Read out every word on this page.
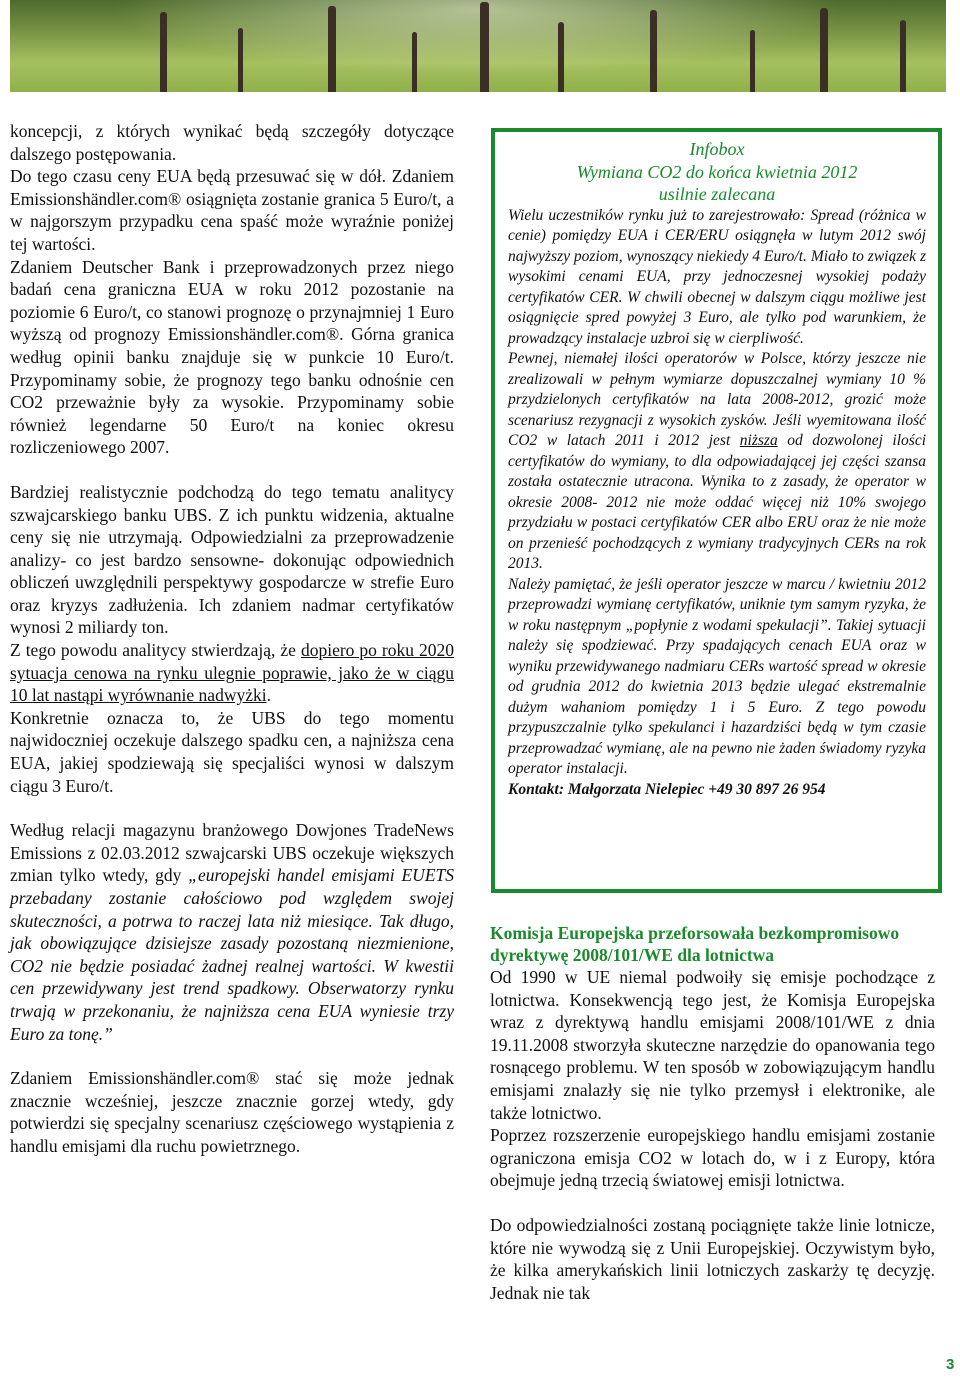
koncepcji, z których wynikać będą szczegóły dotyczące dalszego postępowania.

Do tego czasu ceny EUA będą przesuwać się w dół. Zdaniem Emissionshändler.com® osiągnięta zostanie granica 5 Euro/t, a w najgorszym przypadku cena spaść może wyraźnie poniżej tej wartości.

Zdaniem Deutscher Bank i przeprowadzonych przez niego badań cena graniczna EUA w roku 2012 pozostanie na poziomie 6 Euro/t, co stanowi prognozę o przynajmniej 1 Euro wyższą od prognozy Emissionshändler.com®. Górna granica według opinii banku znajduje się w punkcie 10 Euro/t. Przypominamy sobie, że prognozy tego banku odnośnie cen CO2 przeważnie były za wysokie. Przypominamy sobie również legendarne 50 Euro/t na koniec okresu rozliczeniowego 2007.

Bardziej realistycznie podchodzą do tego tematu analitycy szwajcarskiego banku UBS. Z ich punktu widzenia, aktualne ceny się nie utrzymają. Odpowiedzialni za przeprowadzenie analizy- co jest bardzo sensowne- dokonując odpowiednich obliczeń uwzględnili perspektywy gospodarcze w strefie Euro oraz kryzys zadłużenia. Ich zdaniem nadmar certyfikatów wynosi 2 miliardy ton.

Z tego powodu analitycy stwierdzają, że dopiero po roku 2020 sytuacja cenowa na rynku ulegnie poprawie, jako że w ciągu 10 lat nastąpi wyrównanie nadwyżki.

Konkretnie oznacza to, że UBS do tego momentu najwidoczniej oczekuje dalszego spadku cen, a najniższa cena EUA, jakiej spodziewają się specjaliści wynosi w dalszym ciągu 3 Euro/t.

Według relacji magazynu branżowego Dowjones TradeNews Emissions z 02.03.2012 szwajcarski UBS oczekuje większych zmian tylko wtedy, gdy „europejski handel emisjami EUETS przebadany zostanie całościowo pod względem swojej skuteczności, a potrwa to raczej lata niż miesiące. Tak długo, jak obowiązujące dzisiejsze zasady pozostaną niezmienione, CO2 nie będzie posiadać żadnej realnej wartości. W kwestii cen przewidywany jest trend spadkowy. Obserwatorzy rynku trwają w przekonaniu, że najniższa cena EUA wyniesie trzy Euro za tonę.”

Zdaniem Emissionshändler.com® stać się może jednak znacznie wcześniej, jeszcze znacznie gorzej wtedy, gdy potwierdzi się specjalny scenariusz częściowego wystąpienia z handlu emisjami dla ruchu powietrznego.

Infobox

Wymiana CO2 do końca kwietnia 2012

usilnie zalecana

Wielu uczestników rynku już to zarejestrowało: Spread (różnica w cenie) pomiędzy EUA i CER/ERU osiągnęła w lutym 2012 swój najwyższy poziom, wynoszący niekiedy 4 Euro/t. Miało to związek z wysokimi cenami EUA, przy jednoczesnej wysokiej podaży certyfikatów CER. W chwili obecnej w dalszym ciągu możliwe jest osiągnięcie spred powyżej 3 Euro, ale tylko pod warunkiem, że prowadzący instalacje uzbroi się w cierpliwość.

Pewnej, niemałej ilości operatorów w Polsce, którzy jeszcze nie zrealizowali w pełnym wymiarze dopuszczalnej wymiany 10 % przydzielonych certyfikatów na lata 2008-2012, grozić może scenariusz rezygnacji z wysokich zysków. Jeśli wyemitowana ilość CO2 w latach 2011 i 2012 jest niższa od dozwolonej ilości certyfikatów do wymiany, to dla odpowiadającej jej części szansa została ostatecznie utracona. Wynika to z zasady, że operator w okresie 2008- 2012 nie może oddać więcej niż 10% swojego przydziału w postaci certyfikatów CER albo ERU oraz że nie może on przenieść pochodzących z wymiany tradycyjnych CERs na rok 2013.

Należy pamiętać, że jeśli operator jeszcze w marcu / kwietniu 2012 przeprowadzi wymianę certyfikatów, uniknie tym samym ryzyka, że w roku następnym „popłynie z wodami spekulacji”. Takiej sytuacji należy się spodziewać. Przy spadających cenach EUA oraz w wyniku przewidywanego nadmiaru CERs wartość spread w okresie od grudnia 2012 do kwietnia 2013 będzie ulegać ekstremalnie dużym wahaniom pomiędzy 1 i 5 Euro. Z tego powodu przypuszczalnie tylko spekulanci i hazardziści będą w tym czasie przeprowadzać wymianę, ale na pewno nie żaden świadomy ryzyka operator instalacji.

Kontakt: Małgorzata Nielepiec +49 30 897 26 954

Komisja Europejska przeforsowała bezkompromisowo dyrektywę 2008/101/WE dla lotnictwa

Od 1990 w UE niemal podwoiły się emisje pochodzące z lotnictwa. Konsekwencją tego jest, że Komisja Europejska wraz z dyrektywą handlu emisjami 2008/101/WE z dnia 19.11.2008 stworzyła skuteczne narzędzie do opanowania tego rosnącego problemu. W ten sposób w zobowiązującym handlu emisjami znalazły się nie tylko przemysł i elektronike, ale także lotnictwo.

Poprzez rozszerzenie europejskiego handlu emisjami zostanie ograniczona emisja CO2 w lotach do, w i z Europy, która obejmuje jedną trzecią światowej emisji lotnictwa.

Do odpowiedzialności zostaną pociągnięte także linie lotnicze, które nie wywodzą się z Unii Europejskiej. Oczywistym było, że kilka amerykańskich linii lotniczych zaskarży tę decyzję. Jednak nie tak

3
